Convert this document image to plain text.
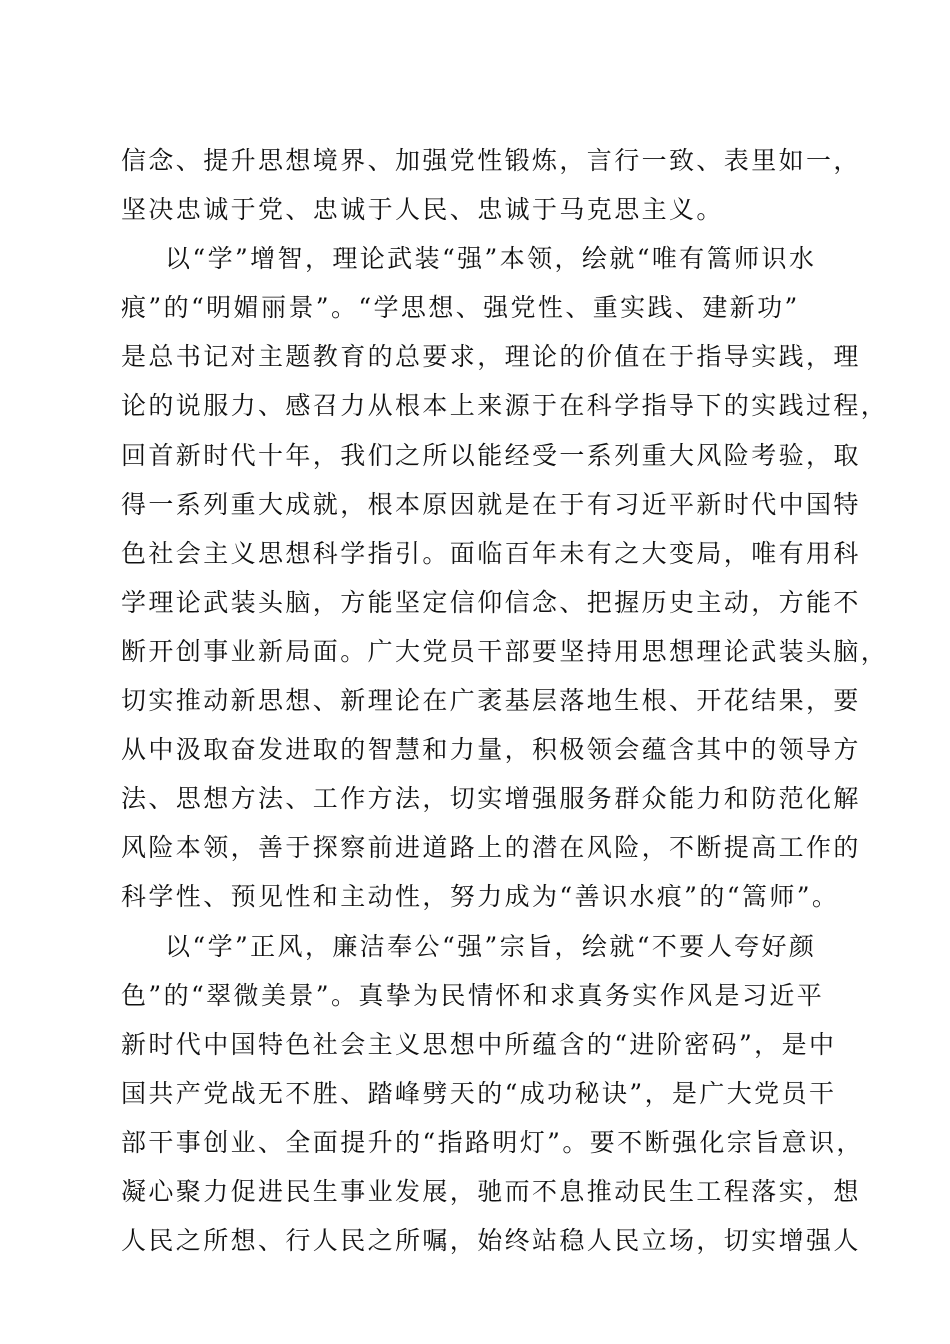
信念、提升思想境界、加强党性锻炼，言行一致、表里如一，
坚决忠诚于党、忠诚于人民、忠诚于马克思主义。
以“学”增智，理论武装“强”本领，绘就“唯有篙师识水
痕”的“明媚丽景”。“学思想、强党性、重实践、建新功”
是总书记对主题教育的总要求，理论的价值在于指导实践，理
论的说服力、感召力从根本上来源于在科学指导下的实践过程，
回首新时代十年，我们之所以能经受一系列重大风险考验，取
得一系列重大成就，根本原因就是在于有习近平新时代中国特
色社会主义思想科学指引。面临百年未有之大变局，唯有用科
学理论武装头脑，方能坚定信仰信念、把握历史主动，方能不
断开创事业新局面。广大党员干部要坚持用思想理论武装头脑，
切实推动新思想、新理论在广袤基层落地生根、开花结果，要
从中汲取奋发进取的智慧和力量，积极领会蕴含其中的领导方
法、思想方法、工作方法，切实增强服务群众能力和防范化解
风险本领，善于探察前进道路上的潜在风险，不断提高工作的
科学性、预见性和主动性，努力成为“善识水痕”的“篙师”。
以“学”正风，廉洁奉公“强”宗旨，绘就“不要人夸好颜
色”的“翠微美景”。真挚为民情怀和求真务实作风是习近平
新时代中国特色社会主义思想中所蕴含的“进阶密码”，是中
国共产党战无不胜、踏峰劈天的“成功秘诀”，是广大党员干
部干事创业、全面提升的“指路明灯”。要不断强化宗旨意识，
凝心聚力促进民生事业发展，驰而不息推动民生工程落实，想
人民之所想、行人民之所嘱，始终站稳人民立场，切实增强人
